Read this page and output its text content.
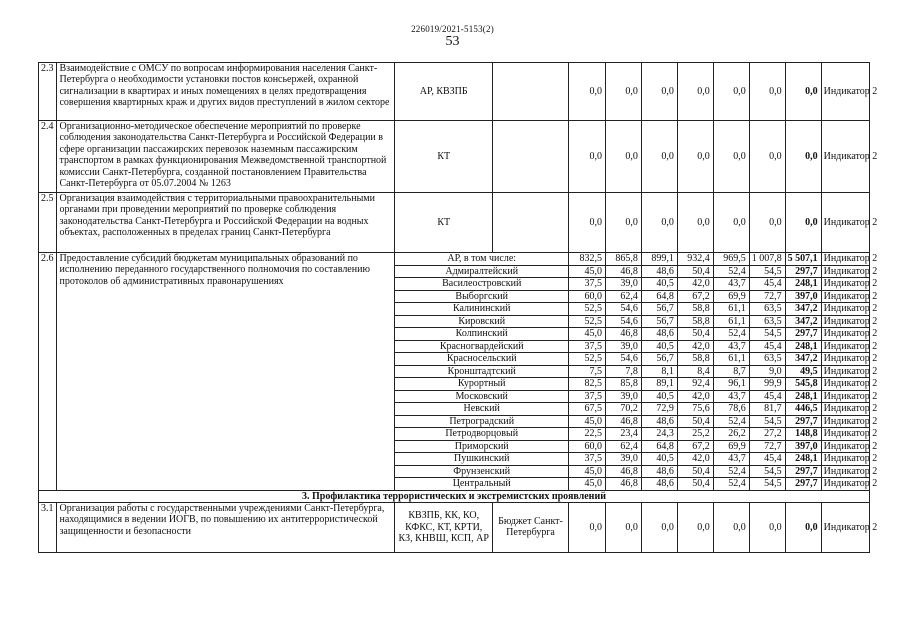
226019/2021-5153(2)
53
2.3	Взаимодействие с ОМСУ по вопросам информирования населения Санкт-Петербурга о необходимости установки постов консьержей, охранной сигнализации в квартирах и иных помещениях в целях предотвращения совершения квартирных краж и других видов преступлений в жилом секторе	АР, КВЗПБ		0,0	0,0	0,0	0,0	0,0	0,0	0,0	Индикатор 2
2.4	Организационно-методическое обеспечение мероприятий по проверке соблюдения законодательства Санкт-Петербурга и Российской Федерации в сфере организации пассажирских перевозок наземным пассажирским транспортом в рамках функционирования Межведомственной транспортной комиссии Санкт-Петербурга, созданной постановлением Правительства Санкт-Петербурга от 05.07.2004 № 1263	КТ		0,0	0,0	0,0	0,0	0,0	0,0	0,0	Индикатор 2
2.5	Организация взаимодействия с территориальными правоохранительными органами при проведении мероприятий по проверке соблюдения законодательства Санкт-Петербурга и Российской Федерации на водных объектах, расположенных в пределах границ Санкт-Петербурга	КТ		0,0	0,0	0,0	0,0	0,0	0,0	0,0	Индикатор 2
2.6	Предоставление субсидий бюджетам муниципальных образований по исполнению переданного государственного полномочия по составлению протоколов об административных правонарушениях	АР, в том числе:		832,5	865,8	899,1	932,4	969,5	1 007,8	5 507,1	Индикатор 2
		Адмиралтейский		45,0	46,8	48,6	50,4	52,4	54,5	297,7	Индикатор 2
		Василеостровский		37,5	39,0	40,5	42,0	43,7	45,4	248,1	Индикатор 2
		Выборгский		60,0	62,4	64,8	67,2	69,9	72,7	397,0	Индикатор 2
		Калининский		52,5	54,6	56,7	58,8	61,1	63,5	347,2	Индикатор 2
		Кировский		52,5	54,6	56,7	58,8	61,1	63,5	347,2	Индикатор 2
		Колпинский		45,0	46,8	48,6	50,4	52,4	54,5	297,7	Индикатор 2
		Красногвардейский		37,5	39,0	40,5	42,0	43,7	45,4	248,1	Индикатор 2
		Красносельский		52,5	54,6	56,7	58,8	61,1	63,5	347,2	Индикатор 2
		Кронштадтский		7,5	7,8	8,1	8,4	8,7	9,0	49,5	Индикатор 2
		Курортный		82,5	85,8	89,1	92,4	96,1	99,9	545,8	Индикатор 2
		Московский		37,5	39,0	40,5	42,0	43,7	45,4	248,1	Индикатор 2
		Невский		67,5	70,2	72,9	75,6	78,6	81,7	446,5	Индикатор 2
		Петроградский		45,0	46,8	48,6	50,4	52,4	54,5	297,7	Индикатор 2
		Петродворцовый		22,5	23,4	24,3	25,2	26,2	27,2	148,8	Индикатор 2
		Приморский		60,0	62,4	64,8	67,2	69,9	72,7	397,0	Индикатор 2
		Пушкинский		37,5	39,0	40,5	42,0	43,7	45,4	248,1	Индикатор 2
		Фрунзенский		45,0	46,8	48,6	50,4	52,4	54,5	297,7	Индикатор 2
		Центральный		45,0	46,8	48,6	50,4	52,4	54,5	297,7	Индикатор 2
3. Профилактика террористических и экстремистских проявлений											
3.1	Организация работы с государственными учреждениями Санкт-Петербурга, находящимися в ведении ИОГВ, по повышению их антитеррористической защищенности и безопасности	КВЗПБ, КК, КО, КФКС, КТ, КРТИ, КЗ, КНВШ, КСП, АР	Бюджет Санкт-Петербурга	0,0	0,0	0,0	0,0	0,0	0,0	0,0	Индикатор 2
